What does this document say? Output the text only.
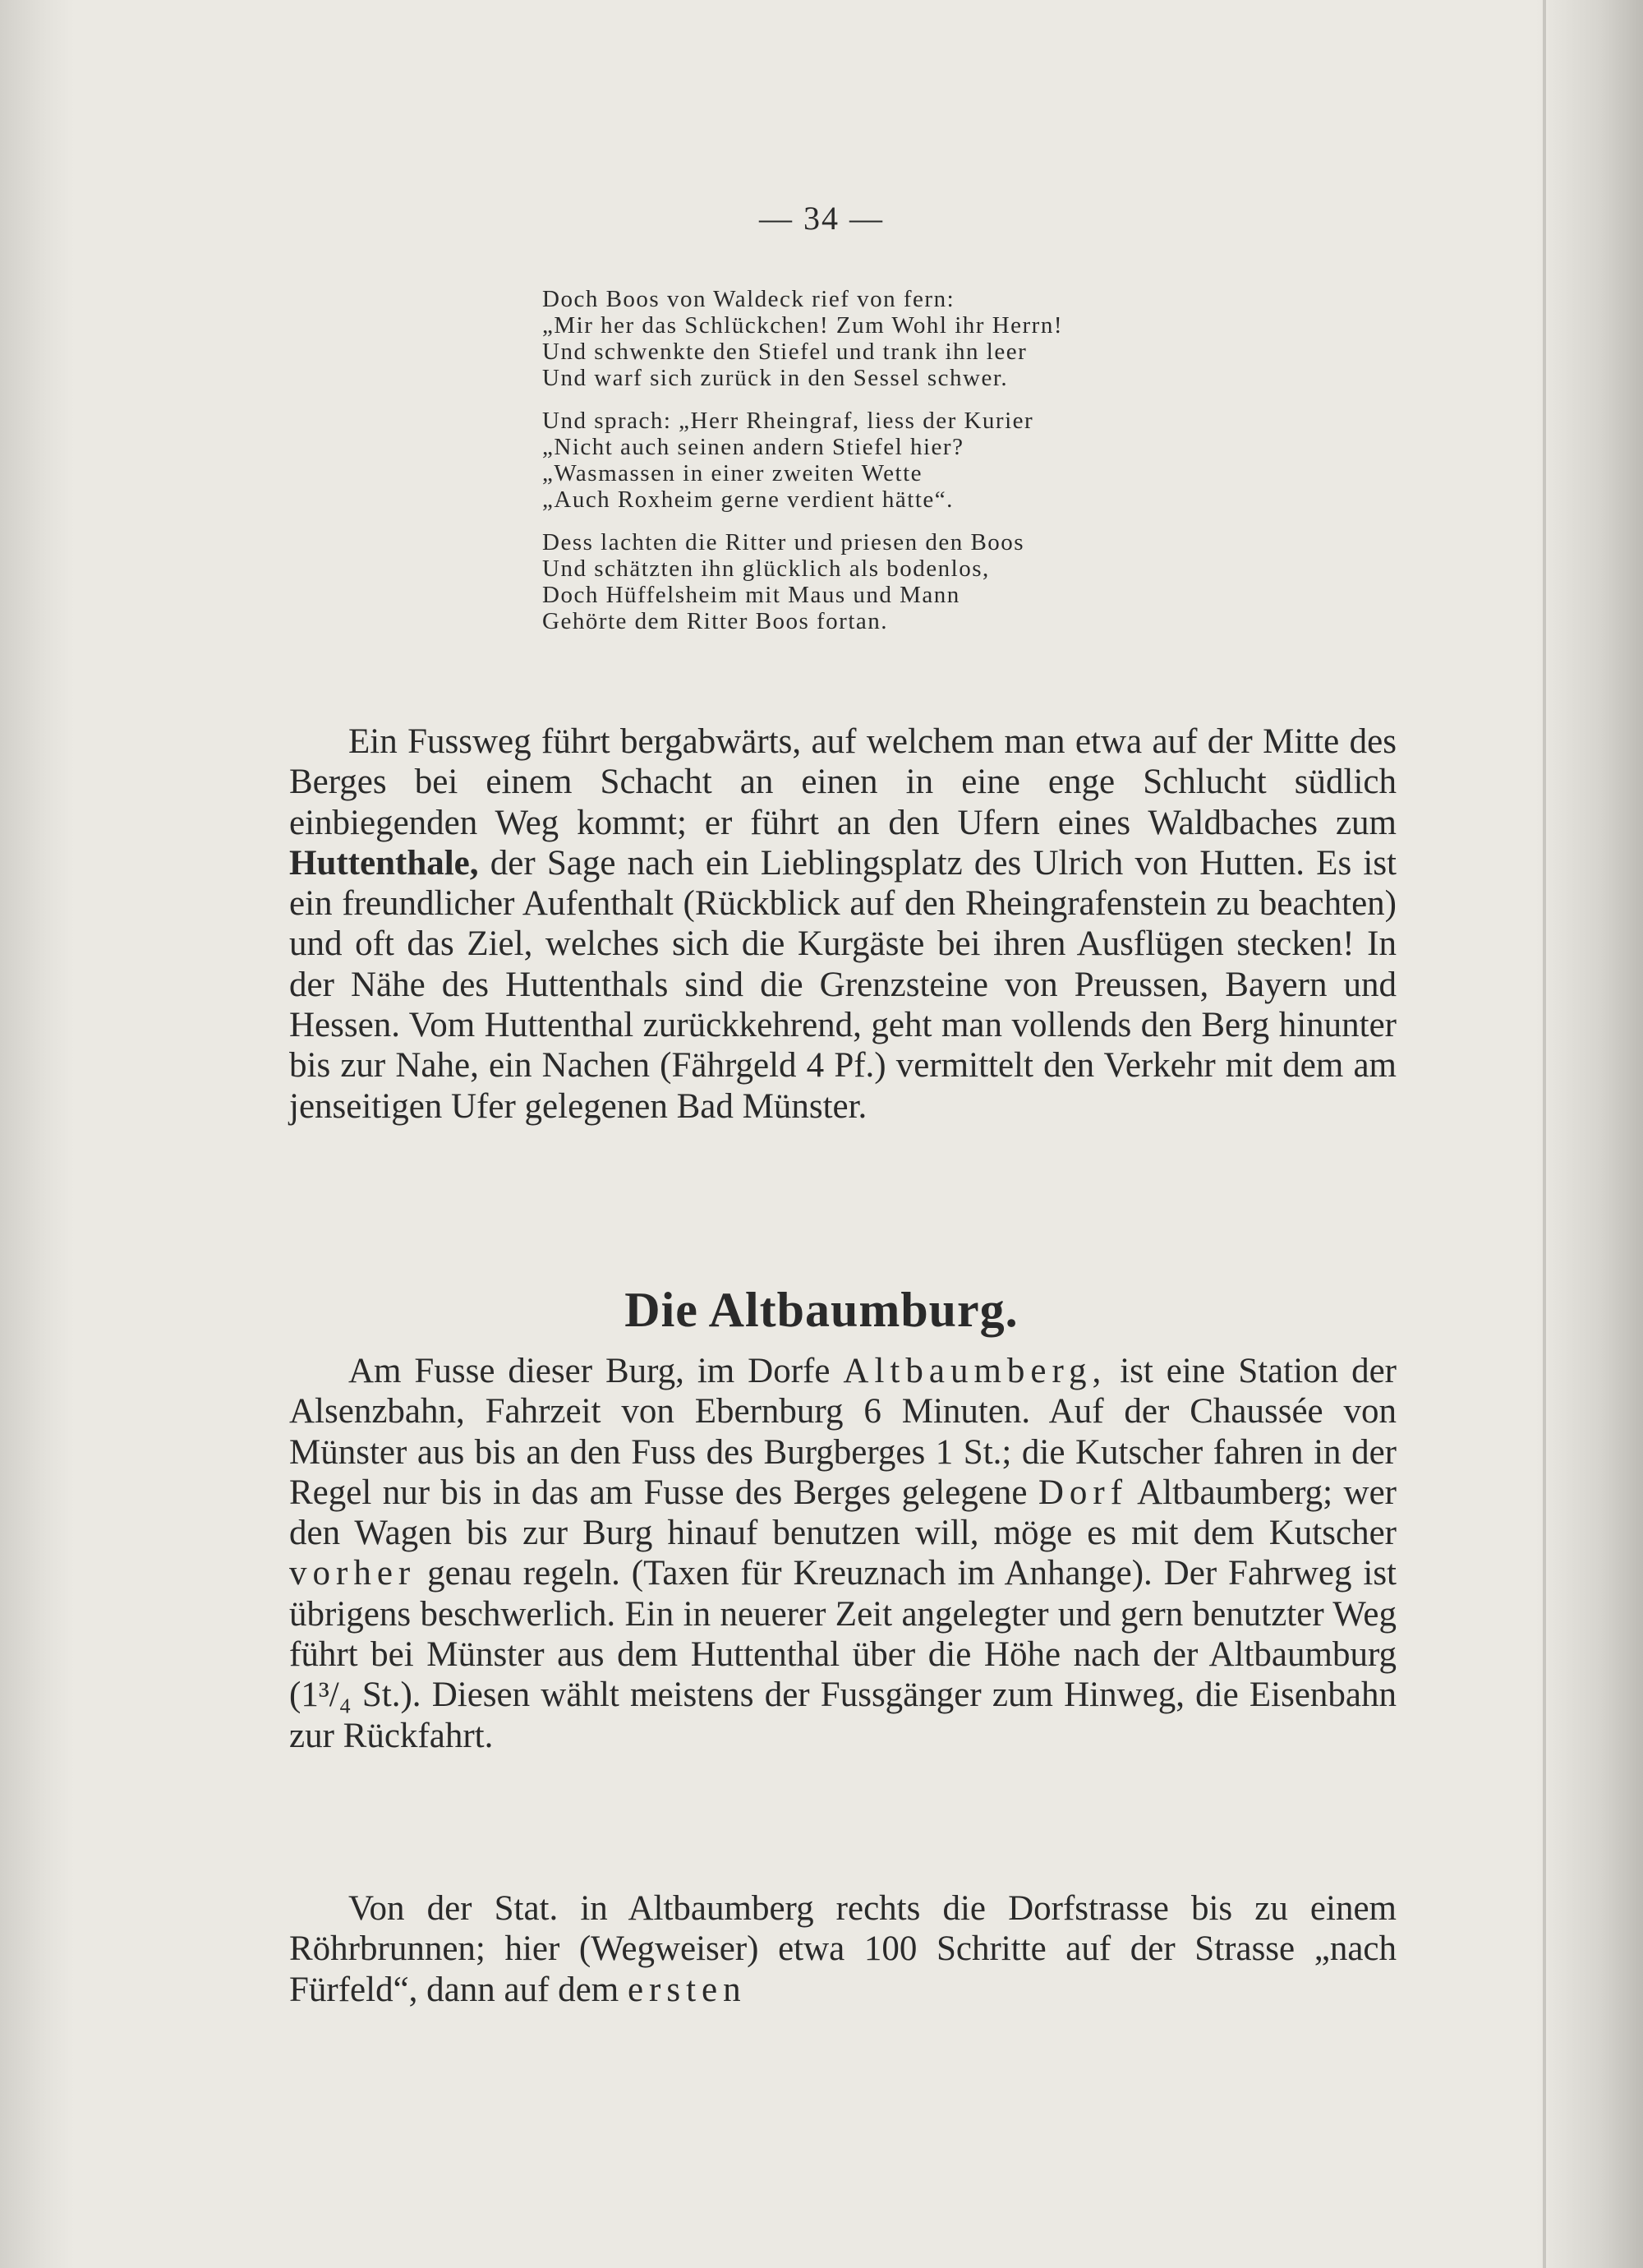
— 34 —
Doch Boos von Waldeck rief von fern:
„Mir her das Schlückchen! Zum Wohl ihr Herrn!
Und schwenkte den Stiefel und trank ihn leer
Und warf sich zurück in den Sessel schwer.
Und sprach: „Herr Rheingraf, liess der Kurier
„Nicht auch seinen andern Stiefel hier?
„Wasmassen in einer zweiten Wette
„Auch Roxheim gerne verdient hätte“.
Dess lachten die Ritter und priesen den Boos
Und schätzten ihn glücklich als bodenlos,
Doch Hüffelsheim mit Maus und Mann
Gehörte dem Ritter Boos fortan.

Ein Fussweg führt bergabwärts, auf welchem man etwa auf der Mitte des Berges bei einem Schacht an einen in eine enge Schlucht südlich einbiegenden Weg kommt; er führt an den Ufern eines Waldbaches zum Huttenthale, der Sage nach ein Lieblingsplatz des Ulrich von Hutten. Es ist ein freundlicher Aufenthalt (Rückblick auf den Rheingrafenstein zu beachten) und oft das Ziel, welches sich die Kurgäste bei ihren Ausflügen stecken! In der Nähe des Huttenthals sind die Grenzsteine von Preussen, Bayern und Hessen. Vom Huttenthal zurückkehrend, geht man vollends den Berg hinunter bis zur Nahe, ein Nachen (Fährgeld 4 Pf.) vermittelt den Verkehr mit dem am jenseitigen Ufer gelegenen Bad Münster.

Die Altbaumburg.

Am Fusse dieser Burg, im Dorfe Altbaumberg, ist eine Station der Alsenzbahn, Fahrzeit von Ebernburg 6 Minuten. Auf der Chaussée von Münster aus bis an den Fuss des Burgberges 1 St.; die Kutscher fahren in der Regel nur bis in das am Fusse des Berges gelegene Dorf Altbaumberg; wer den Wagen bis zur Burg hinauf benutzen will, möge es mit dem Kutscher vorher genau regeln. (Taxen für Kreuznach im Anhange). Der Fahrweg ist übrigens beschwerlich. Ein in neuerer Zeit angelegter und gern benutzter Weg führt bei Münster aus dem Huttenthal über die Höhe nach der Altbaumburg (1³/₄ St.). Diesen wählt meistens der Fussgänger zum Hinweg, die Eisenbahn zur Rückfahrt.

Von der Stat. in Altbaumberg rechts die Dorfstrasse bis zu einem Röhrbrunnen; hier (Wegweiser) etwa 100 Schritte auf der Strasse „nach Fürfeld“, dann auf dem ersten
